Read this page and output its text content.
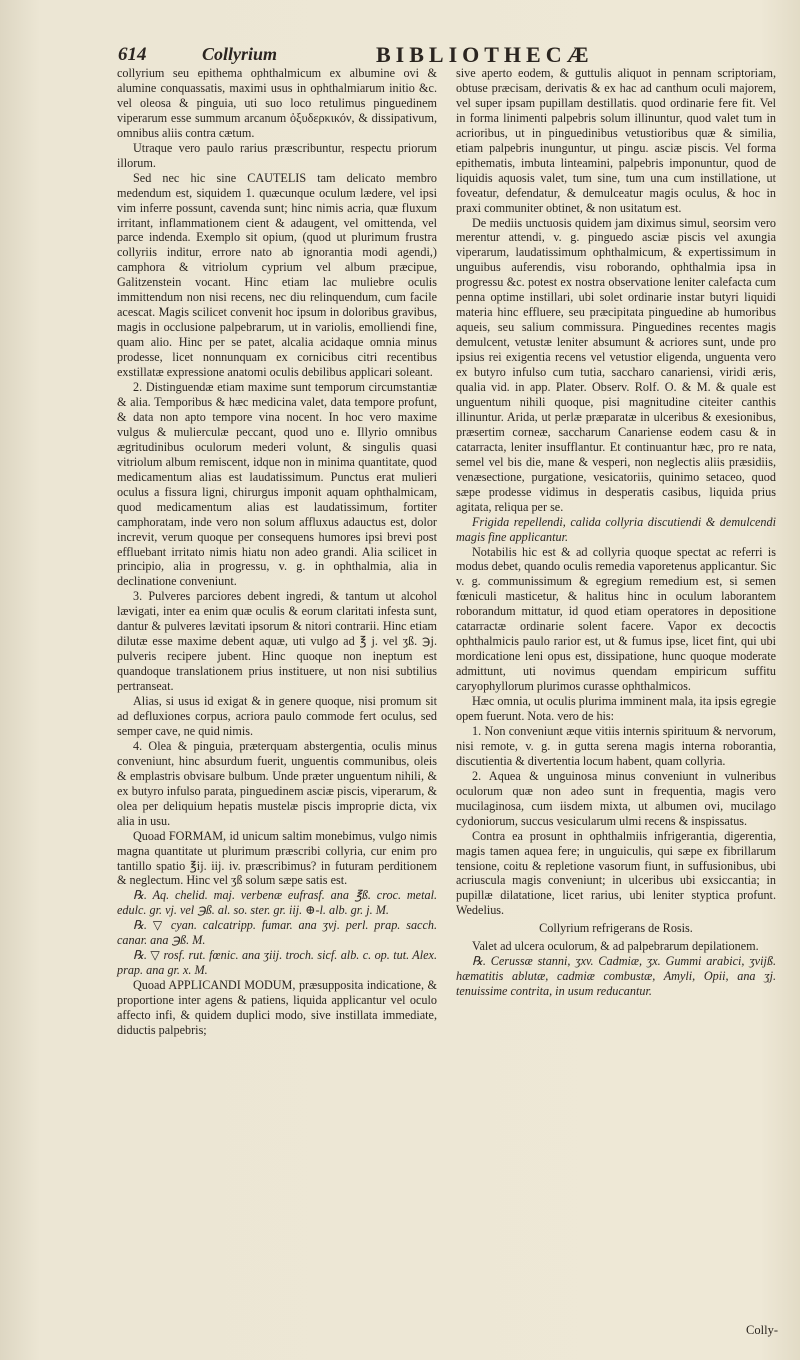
614	Collyrium	BIBLIOTHECÆ

collyrium seu epithema ophthalmicum ex albumine ovi & alumine conquassatis, maximi usus in ophthalmiarum initio &c. vel oleosa & pinguia, uti suo loco retulimus pinguedinem viperarum esse summum arcanum ὀξυδερκικόν, & dissipativum, omnibus aliis contra cætum.

Utraque vero paulo rarius præscribuntur, respectu priorum illorum.

Sed nec hic sine CAUTELIS tam delicato membro medendum est, siquidem 1. quæcunque oculum lædere, vel ipsi vim inferre possunt, cavenda sunt; hinc nimis acria, quæ fluxum irritant, inflammationem cient & adaugent, vel omittenda, vel parce indenda. Exemplo sit opium, (quod ut plurimum frustra collyriis inditur, errore nato ab ignorantia modi agendi,) camphora & vitriolum cyprium vel album præcipue, Galitzenstein vocant. Hinc etiam lac muliebre oculis immittendum non nisi recens, nec diu relinquendum, cum facile acescat. Magis scilicet convenit hoc ipsum in doloribus gravibus, magis in occlusione palpebrarum, ut in variolis, emolliendi fine, quam alio. Hinc per se patet, alcalia acidaque omnia minus prodesse, licet nonnunquam ex cornicibus citri recentibus exstillatæ expressione anatomi oculis debilibus applicari soleant.

2. Distinguendæ etiam maxime sunt temporum circumstantiæ & alia. Temporibus & hæc medicina valet, data tempore profunt, & data non apto tempore vina nocent. In hoc vero maxime vulgus & mulierculæ peccant, quod uno e. Illyrio omnibus ægritudinibus oculorum mederi volunt, & singulis quasi vitriolum album remiscent, idque non in minima quantitate, quod medicamentum alias est laudatissimum. Punctus erat mulieri oculus a fissura ligni, chirurgus imponit aquam ophthalmicam, quod medicamentum alias est laudatissimum, fortiter camphoratam, inde vero non solum affluxus adauctus est, dolor increvit, verum quoque per consequens humores ipsi brevi post effluebant irritato nimis hiatu non adeo grandi. Alia scilicet in principio, alia in progressu, v. g. in ophthalmia, alia in declinatione conveniunt.

3. Pulveres parciores debent ingredi, & tantum ut alcohol lævigati, inter ea enim quæ oculis & eorum claritati infesta sunt, dantur & pulveres lævitati ipsorum & nitori contrarii. Hinc etiam dilutæ esse maxime debent aquæ, uti vulgo ad ℥ j. vel ʒß. ℈j. pulveris recipere jubent. Hinc quoque non ineptum est quandoque translationem prius instituere, ut non nisi subtilius pertranseat.

Alias, si usus id exigat & in genere quoque, nisi promum sit ad defluxiones corpus, acriora paulo commode fert oculus, sed semper cave, ne quid nimis.

4. Olea & pinguia, præterquam abstergentia, oculis minus conveniunt, hinc absurdum fuerit, unguentis communibus, oleis & emplastris obvisare bulbum. Unde præter unguentum nihili, & ex butyro infulso parata, pinguedinem asciæ piscis, viperarum, & olea per deliquium hepatis mustelæ piscis improprie dicta, vix alia in usu.

Quoad FORMAM, id unicum saltim monebimus, vulgo nimis magna quantitate ut plurimum præscribi collyria, cur enim pro tantillo spatio ℥ij. iij. iv. præscribimus? in futuram perditionem & neglectum. Hinc vel ʒß solum sæpe satis est.

℞. Aq. chelid. maj. verbenæ eufrasf. ana ℥ß. croc. metal. edulc. gr. vj. vel ℈ß. al. so. ster. gr. iij. ⊕-l. alb. gr. j. M.

℞. ▽ cyan. calcatripp. fumar. ana ʒvj. perl. prap. sacch. canar. ana ℈ß. M.

℞. ▽ rosf. rut. fœnic. ana ʒiij. troch. sicf. alb. c. op. tut. Alex. prap. ana gr. x. M.

Quoad APPLICANDI MODUM, præsupposita indicatione, & proportione inter agens & patiens, liquida applicantur vel oculo affecto infi, & quidem duplici modo, sive instillata immediate, diductis palpebris;

sive aperto eodem, & guttulis aliquot in pennam scriptoriam, obtuse præcisam, derivatis & ex hac ad canthum oculi majorem, vel super ipsam pupillam destillatis. quod ordinarie fere fit. Vel in forma linimenti palpebris solum illinuntur, quod valet tum in acrioribus, ut in pinguedinibus vetustioribus quæ & similia, etiam palpebris inunguntur, ut pingu. asciæ piscis. Vel forma epithematis, imbuta linteamini, palpebris imponuntur, quod de liquidis aquosis valet, tum sine, tum una cum instillatione, ut foveatur, defendatur, & demulceatur magis oculus, & hoc in praxi communiter obtinet, & non usitatum est.

De mediis unctuosis quidem jam diximus simul, seorsim vero merentur attendi, v. g. pinguedo asciæ piscis vel axungia viperarum, laudatissimum ophthalmicum, & expertissimum in unguibus auferendis, visu roborando, ophthalmia ipsa in progressu &c. potest ex nostra observatione leniter calefacta cum penna optime instillari, ubi solet ordinarie instar butyri liquidi materia hinc effluere, seu præcipitata pinguedine ab humoribus aqueis, seu salium commissura. Pinguedines recentes magis demulcent, vetustæ leniter absumunt & acriores sunt, unde pro ipsius rei exigentia recens vel vetustior eligenda, unguenta vero ex butyro infulso cum tutia, saccharo canariensi, viridi æris, qualia vid. in app. Plater. Observ. Rolf. O. & M. & quale est unguentum nihili quoque, pisi magnitudine citeiter canthis illinuntur. Arida, ut perlæ præparatæ in ulceribus & exesionibus, præsertim corneæ, saccharum Canariense eodem casu & in catarracta, leniter insufflantur. Et continuantur hæc, pro re nata, semel vel bis die, mane & vesperi, non neglectis aliis præsidiis, venæsectione, purgatione, vesicatoriis, quinimo setaceo, quod sæpe prodesse vidimus in desperatis casibus, liquida prius agitata, reliqua per se.

Frigida repellendi, calida collyria discutiendi & demulcendi magis fine applicantur.

Notabilis hic est & ad collyria quoque spectat ac referri is modus debet, quando oculis remedia vaporetenus applicantur. Sic v. g. communissimum & egregium remedium est, si semen fœniculi masticetur, & halitus hinc in oculum laborantem roborandum mittatur, id quod etiam operatores in depositione catarractæ ordinarie solent facere. Vapor ex decoctis ophthalmicis paulo rarior est, ut & fumus ipse, licet fint, qui ubi mordicatione leni opus est, dissipatione, hunc quoque moderate admittunt, uti novimus quendam empiricum suffitu caryophyllorum plurimos curasse ophthalmicos.

Hæc omnia, ut oculis plurima imminent mala, ita ipsis egregie opem fuerunt. Nota. vero de his:

1. Non conveniunt æque vitiis internis spirituum & nervorum, nisi remote, v. g. in gutta serena magis interna roborantia, discutientia & divertentia locum habent, quam collyria.

2. Aquea & unguinosa minus conveniunt in vulneribus oculorum quæ non adeo sunt in frequentia, magis vero mucilaginosa, cum iisdem mixta, ut albumen ovi, mucilago cydoniorum, succus vesicularum ulmi recens & inspissatus.

Contra ea prosunt in ophthalmiis infrigerantia, digerentia, magis tamen aquea fere; in unguiculis, qui sæpe ex fibrillarum tensione, coitu & repletione vasorum fiunt, in suffusionibus, ubi acriuscula magis conveniunt; in ulceribus ubi exsiccantia; in pupillæ dilatatione, licet rarius, ubi leniter styptica profunt. Wedelius.

Collyrium refrigerans de Rosis.

Valet ad ulcera oculorum, & ad palpebrarum depilationem.

℞. Cerussæ stanni, ʒxv. Cadmiæ, ʒx. Gummi arabici, ʒvijß. hæmatitis ablutæ, cadmiæ combustæ, Amyli, Opii, ana ʒj. tenuissime contrita, in usum reducantur.

Colly-
